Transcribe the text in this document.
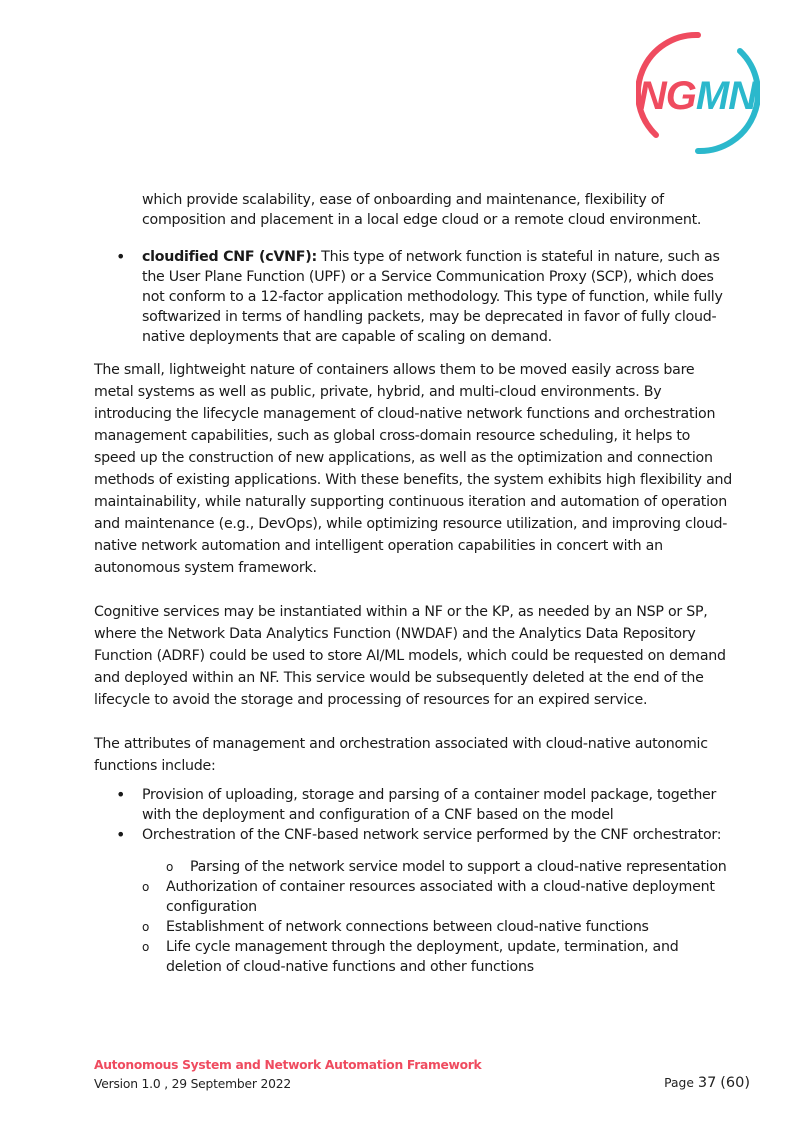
NGMN

which provide scalability, ease of onboarding and maintenance, flexibility of composition and placement in a local edge cloud or a remote cloud environment.

• cloudified CNF (cVNF): This type of network function is stateful in nature, such as the User Plane Function (UPF) or a Service Communication Proxy (SCP), which does not conform to a 12-factor application methodology. This type of function, while fully softwarized in terms of handling packets, may be deprecated in favor of fully cloud-native deployments that are capable of scaling on demand.

The small, lightweight nature of containers allows them to be moved easily across bare metal systems as well as public, private, hybrid, and multi-cloud environments. By introducing the lifecycle management of cloud-native network functions and orchestration management capabilities, such as global cross-domain resource scheduling, it helps to speed up the construction of new applications, as well as the optimization and connection methods of existing applications. With these benefits, the system exhibits high flexibility and maintainability, while naturally supporting continuous iteration and automation of operation and maintenance (e.g., DevOps), while optimizing resource utilization, and improving cloud-native network automation and intelligent operation capabilities in concert with an autonomous system framework.

Cognitive services may be instantiated within a NF or the KP, as needed by an NSP or SP, where the Network Data Analytics Function (NWDAF) and the Analytics Data Repository Function (ADRF) could be used to store AI/ML models, which could be requested on demand and deployed within an NF. This service would be subsequently deleted at the end of the lifecycle to avoid the storage and processing of resources for an expired service.

The attributes of management and orchestration associated with cloud-native autonomic functions include:

• Provision of uploading, storage and parsing of a container model package, together with the deployment and configuration of a CNF based on the model
• Orchestration of the CNF-based network service performed by the CNF orchestrator:
o Parsing of the network service model to support a cloud-native representation
o Authorization of container resources associated with a cloud-native deployment configuration
o Establishment of network connections between cloud-native functions
o Life cycle management through the deployment, update, termination, and deletion of cloud-native functions and other functions
Autonomous System and Network Automation Framework
Version 1.0 , 29 September 2022	Page 37 (60)
